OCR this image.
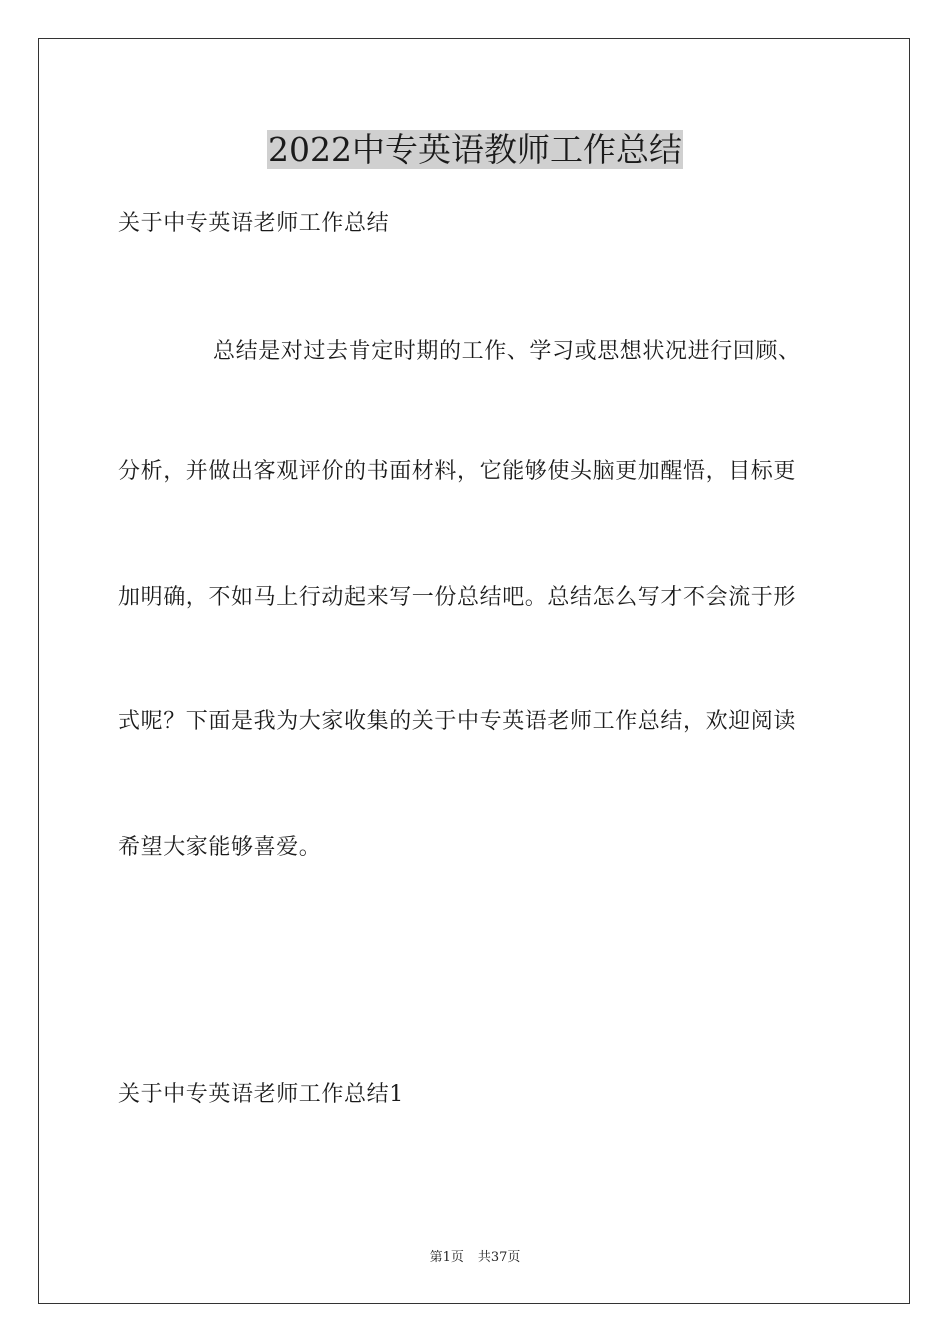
2022中专英语教师工作总结
关于中专英语老师工作总结
总结是对过去肯定时期的工作、学习或思想状况进行回顾、
分析，并做出客观评价的书面材料，它能够使头脑更加醒悟，目标更
加明确，不如马上行动起来写一份总结吧。总结怎么写才不会流于形
式呢？下面是我为大家收集的关于中专英语老师工作总结，欢迎阅读
希望大家能够喜爱。
关于中专英语老师工作总结1
第1页 共37页
